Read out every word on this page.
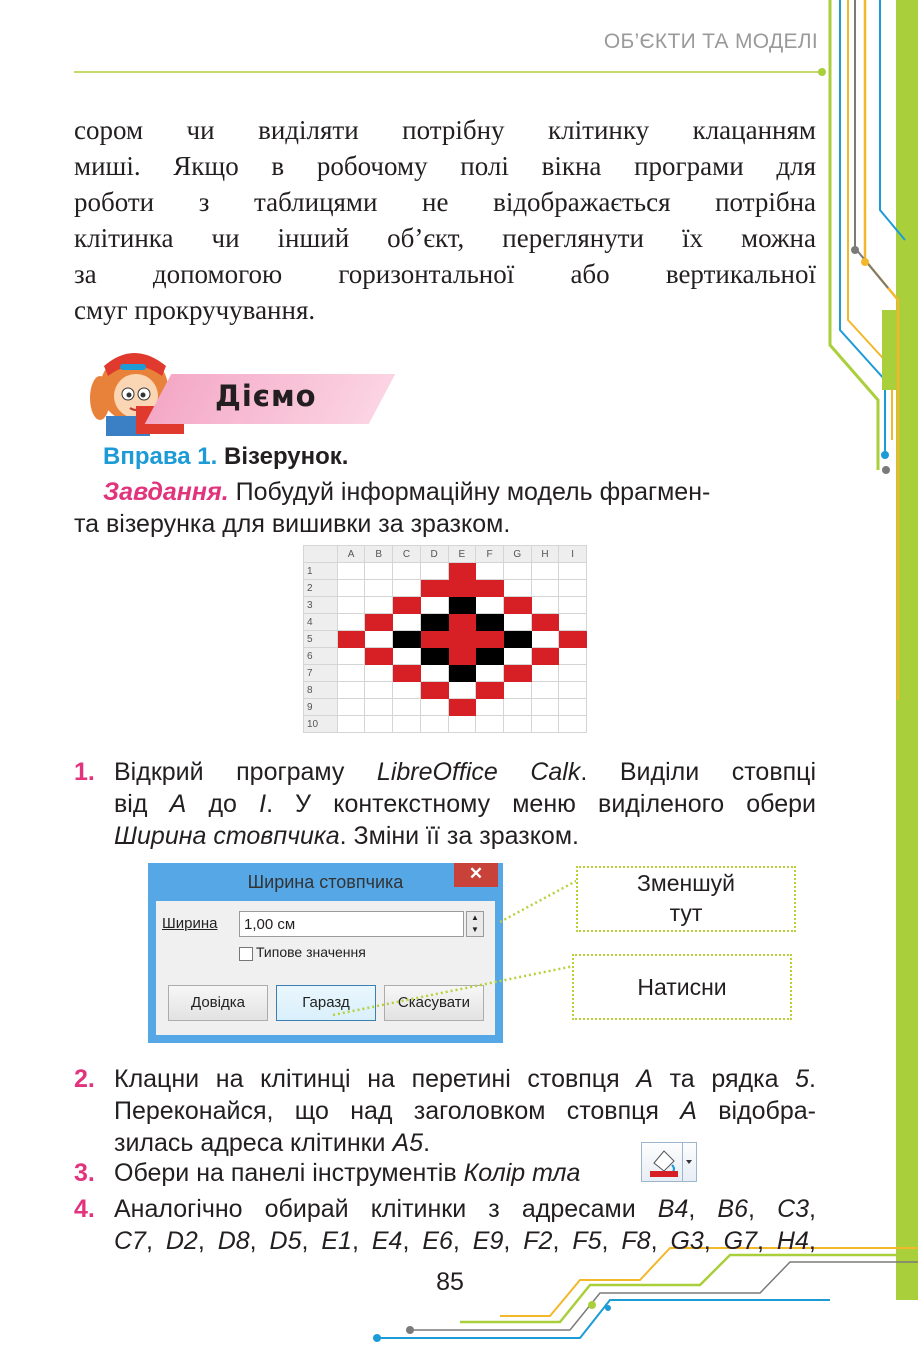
ОБ’ЄКТИ ТА МОДЕЛІ
сором чи виділяти потрібну клітинку клацанням
миші. Якщо в робочому полі вікна програми для
роботи з таблицями не відображається потрібна
клітинка чи інший об’єкт, переглянути їх можна
за допомогою горизонтальної або вертикальної
смуг прокручування.
Діємо
Вправа 1. Візерунок.
Завдання. Побудуй інформаційну модель фрагмен-
та візерунка для вишивки за зразком.
	A	B	C	D	E	F	G	H	I
1									
2									
3									
4									
5									
6									
7									
8									
9									
10									
1. Відкрий програму LibreOffice Calk. Виділи стовпці
від A до I. У контекстному меню виділеного обери
Ширина стовпчика. Зміни її за зразком.
Ширина стовпчика	✕
Ширина	1,00 см	▲
▼
Типове значення
Довідка	Гаразд	Скасувати
Зменшуй
тут
Натисни
2. Клацни на клітинці на перетині стовпця A та рядка 5.
Переконайся, що над заголовком стовпця A відобра-
зилась адреса клітинки A5.
3. Обери на панелі інструментів Колір тла
4. Аналогічно обирай клітинки з адресами B4, B6, C3,
C7, D2, D8, D5, E1, E4, E6, E9, F2, F5, F8, G3, G7, H4,
85
